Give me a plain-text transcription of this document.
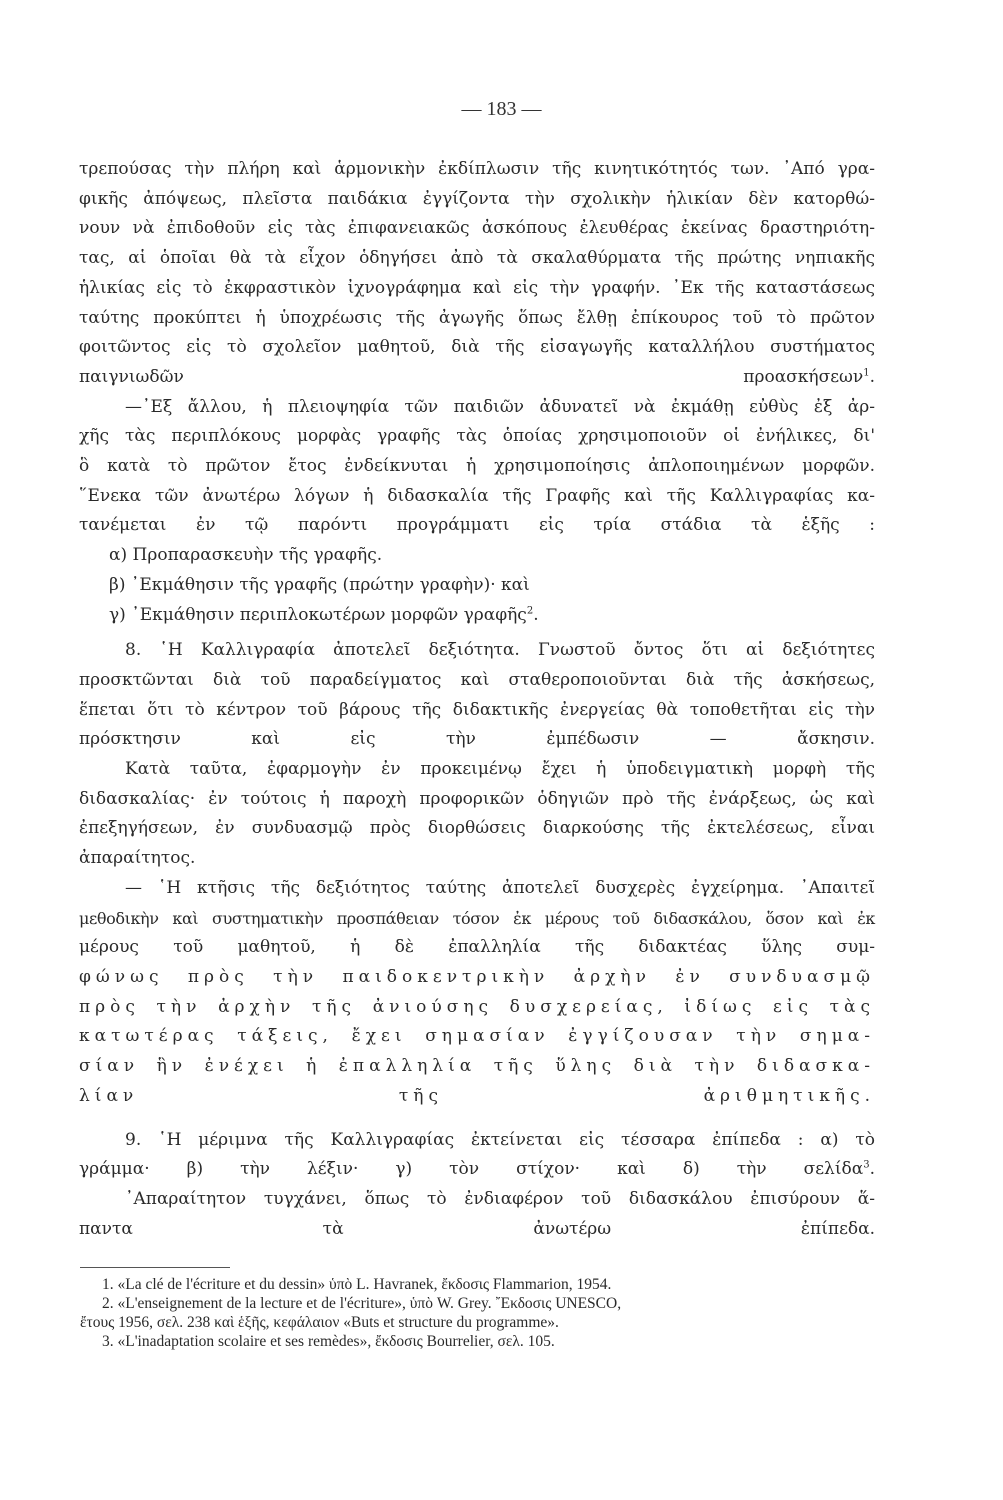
— 183 —
τρεπούσας τὴν πλήρη καὶ ἁρμονικὴν ἐκδίπλωσιν τῆς κινητικότητός των. ᾿Από γρα-
φικῆς ἀπόψεως, πλεῖστα παιδάκια ἐγγίζοντα τὴν σχολικὴν ἡλικίαν δὲν κατορθώ-
νουν νὰ ἐπιδοθοῦν εἰς τὰς ἐπιφανειακῶς ἀσκόπους ἐλευθέρας ἐκείνας δραστηριότη-
τας, αἱ ὁποῖαι θὰ τὰ εἶχον ὁδηγήσει ἀπὸ τὰ σκαλαθύρματα τῆς πρώτης νηπιακῆς
ἡλικίας εἰς τὸ ἐκφραστικὸν ἰχνογράφημα καὶ εἰς τὴν γραφήν. ᾿Εκ τῆς καταστάσεως
ταύτης προκύπτει ἡ ὑποχρέωσις τῆς ἀγωγῆς ὅπως ἔλθῃ ἐπίκουρος τοῦ τὸ πρῶτον
φοιτῶντος εἰς τὸ σχολεῖον μαθητοῦ, διὰ τῆς εἰσαγωγῆς καταλλήλου συστήματος
παιγνιωδῶν προασκήσεων$^1$.
—᾿Εξ ἄλλου, ἡ πλειοψηφία τῶν παιδιῶν ἀδυνατεῖ νὰ ἐκμάθῃ εὐθὺς ἐξ ἀρ-
χῆς τὰς περιπλόκους μορφὰς γραφῆς τὰς ὁποίας χρησιμοποιοῦν οἱ ἐνήλικες, δι'
ὃ κατὰ τὸ πρῶτον ἔτος ἐνδείκνυται ἡ χρησιμοποίησις ἀπλοποιημένων μορφῶν.
῞Ενεκα τῶν ἀνωτέρω λόγων ἡ διδασκαλία τῆς Γραφῆς καὶ τῆς Καλλιγραφίας κα-
τανέμεται ἐν τῷ παρόντι προγράμματι εἰς τρία στάδια τὰ ἑξῆς :
α) Προπαρασκευὴν τῆς γραφῆς.
β) ᾿Εκμάθησιν τῆς γραφῆς (πρώτην γραφὴν)· καὶ
γ) ᾿Εκμάθησιν περιπλοκωτέρων μορφῶν γραφῆς$^2$.
8. ῾Η Καλλιγραφία ἀποτελεῖ δεξιότητα. Γνωστοῦ ὄντος ὅτι αἱ δεξιότητες
προσκτῶνται διὰ τοῦ παραδείγματος καὶ σταθεροποιοῦνται διὰ τῆς ἀσκήσεως,
ἕπεται ὅτι τὸ κέντρον τοῦ βάρους τῆς διδακτικῆς ἐνεργείας θὰ τοποθετῆται εἰς τὴν
πρόσκτησιν καὶ εἰς τὴν ἐμπέδωσιν — ἄσκησιν.
Κατὰ ταῦτα, ἐφαρμογὴν ἐν προκειμένῳ ἔχει ἡ ὑποδειγματικὴ μορφὴ τῆς
διδασκαλίας· ἐν τούτοις ἡ παροχὴ προφορικῶν ὁδηγιῶν πρὸ τῆς ἐνάρξεως, ὡς καὶ
ἐπεξηγήσεων, ἐν συνδυασμῷ πρὸς διορθώσεις διαρκούσης τῆς ἐκτελέσεως, εἶναι
ἀπαραίτητος.
— ῾Η κτῆσις τῆς δεξιότητος ταύτης ἀποτελεῖ δυσχερὲς ἐγχείρημα. ᾿Απαιτεῖ
μεθοδικὴν καὶ συστηματικὴν προσπάθειαν τόσον ἐκ μέρους τοῦ διδασκάλου, ὅσον καὶ ἐκ
μέρους τοῦ μαθητοῦ, ἡ δὲ ἐπαλληλία τῆς διδακτέας ὕλης συμ-
φώνως πρὸς τὴν παιδοκεντρικὴν ἀρχὴν ἐν συνδυασμῷ
πρὸς τὴν ἀρχὴν τῆς ἀνιούσης δυσχερείας, ἰδίως εἰς τὰς
κατωτέρας τάξεις, ἔχει σημασίαν ἐγγίζουσαν τὴν σημα-
σίαν ἣν ἐνέχει ἡ ἐπαλληλία τῆς ὕλης διὰ τὴν διδασκα-
λίαν τῆς ἀριθμητικῆς.
9. ῾Η μέριμνα τῆς Καλλιγραφίας ἐκτείνεται εἰς τέσσαρα ἐπίπεδα : α) τὸ
γράμμα· β) τὴν λέξιν· γ) τὸν στίχον· καὶ δ) τὴν σελίδα$^3$.
᾿Απαραίτητον τυγχάνει, ὅπως τὸ ἐνδιαφέρον τοῦ διδασκάλου ἐπισύρουν ἅ-
παντα τὰ ἀνωτέρω ἐπίπεδα.
1. «La clé de l'écriture et du dessin» ὑπὸ L. Havranek, ἔκδοσις Flammarion, 1954.
2. «L'enseignement de la lecture et de l'écriture», ὑπὸ W. Grey. ῎Εκδοσις UNESCO,
ἔτους 1956, σελ. 238 καὶ ἑξῆς, κεφάλαιον «Buts et structure du programme».
3. «L'inadaptation scolaire et ses remèdes», ἔκδοσις Bourrelier, σελ. 105.
